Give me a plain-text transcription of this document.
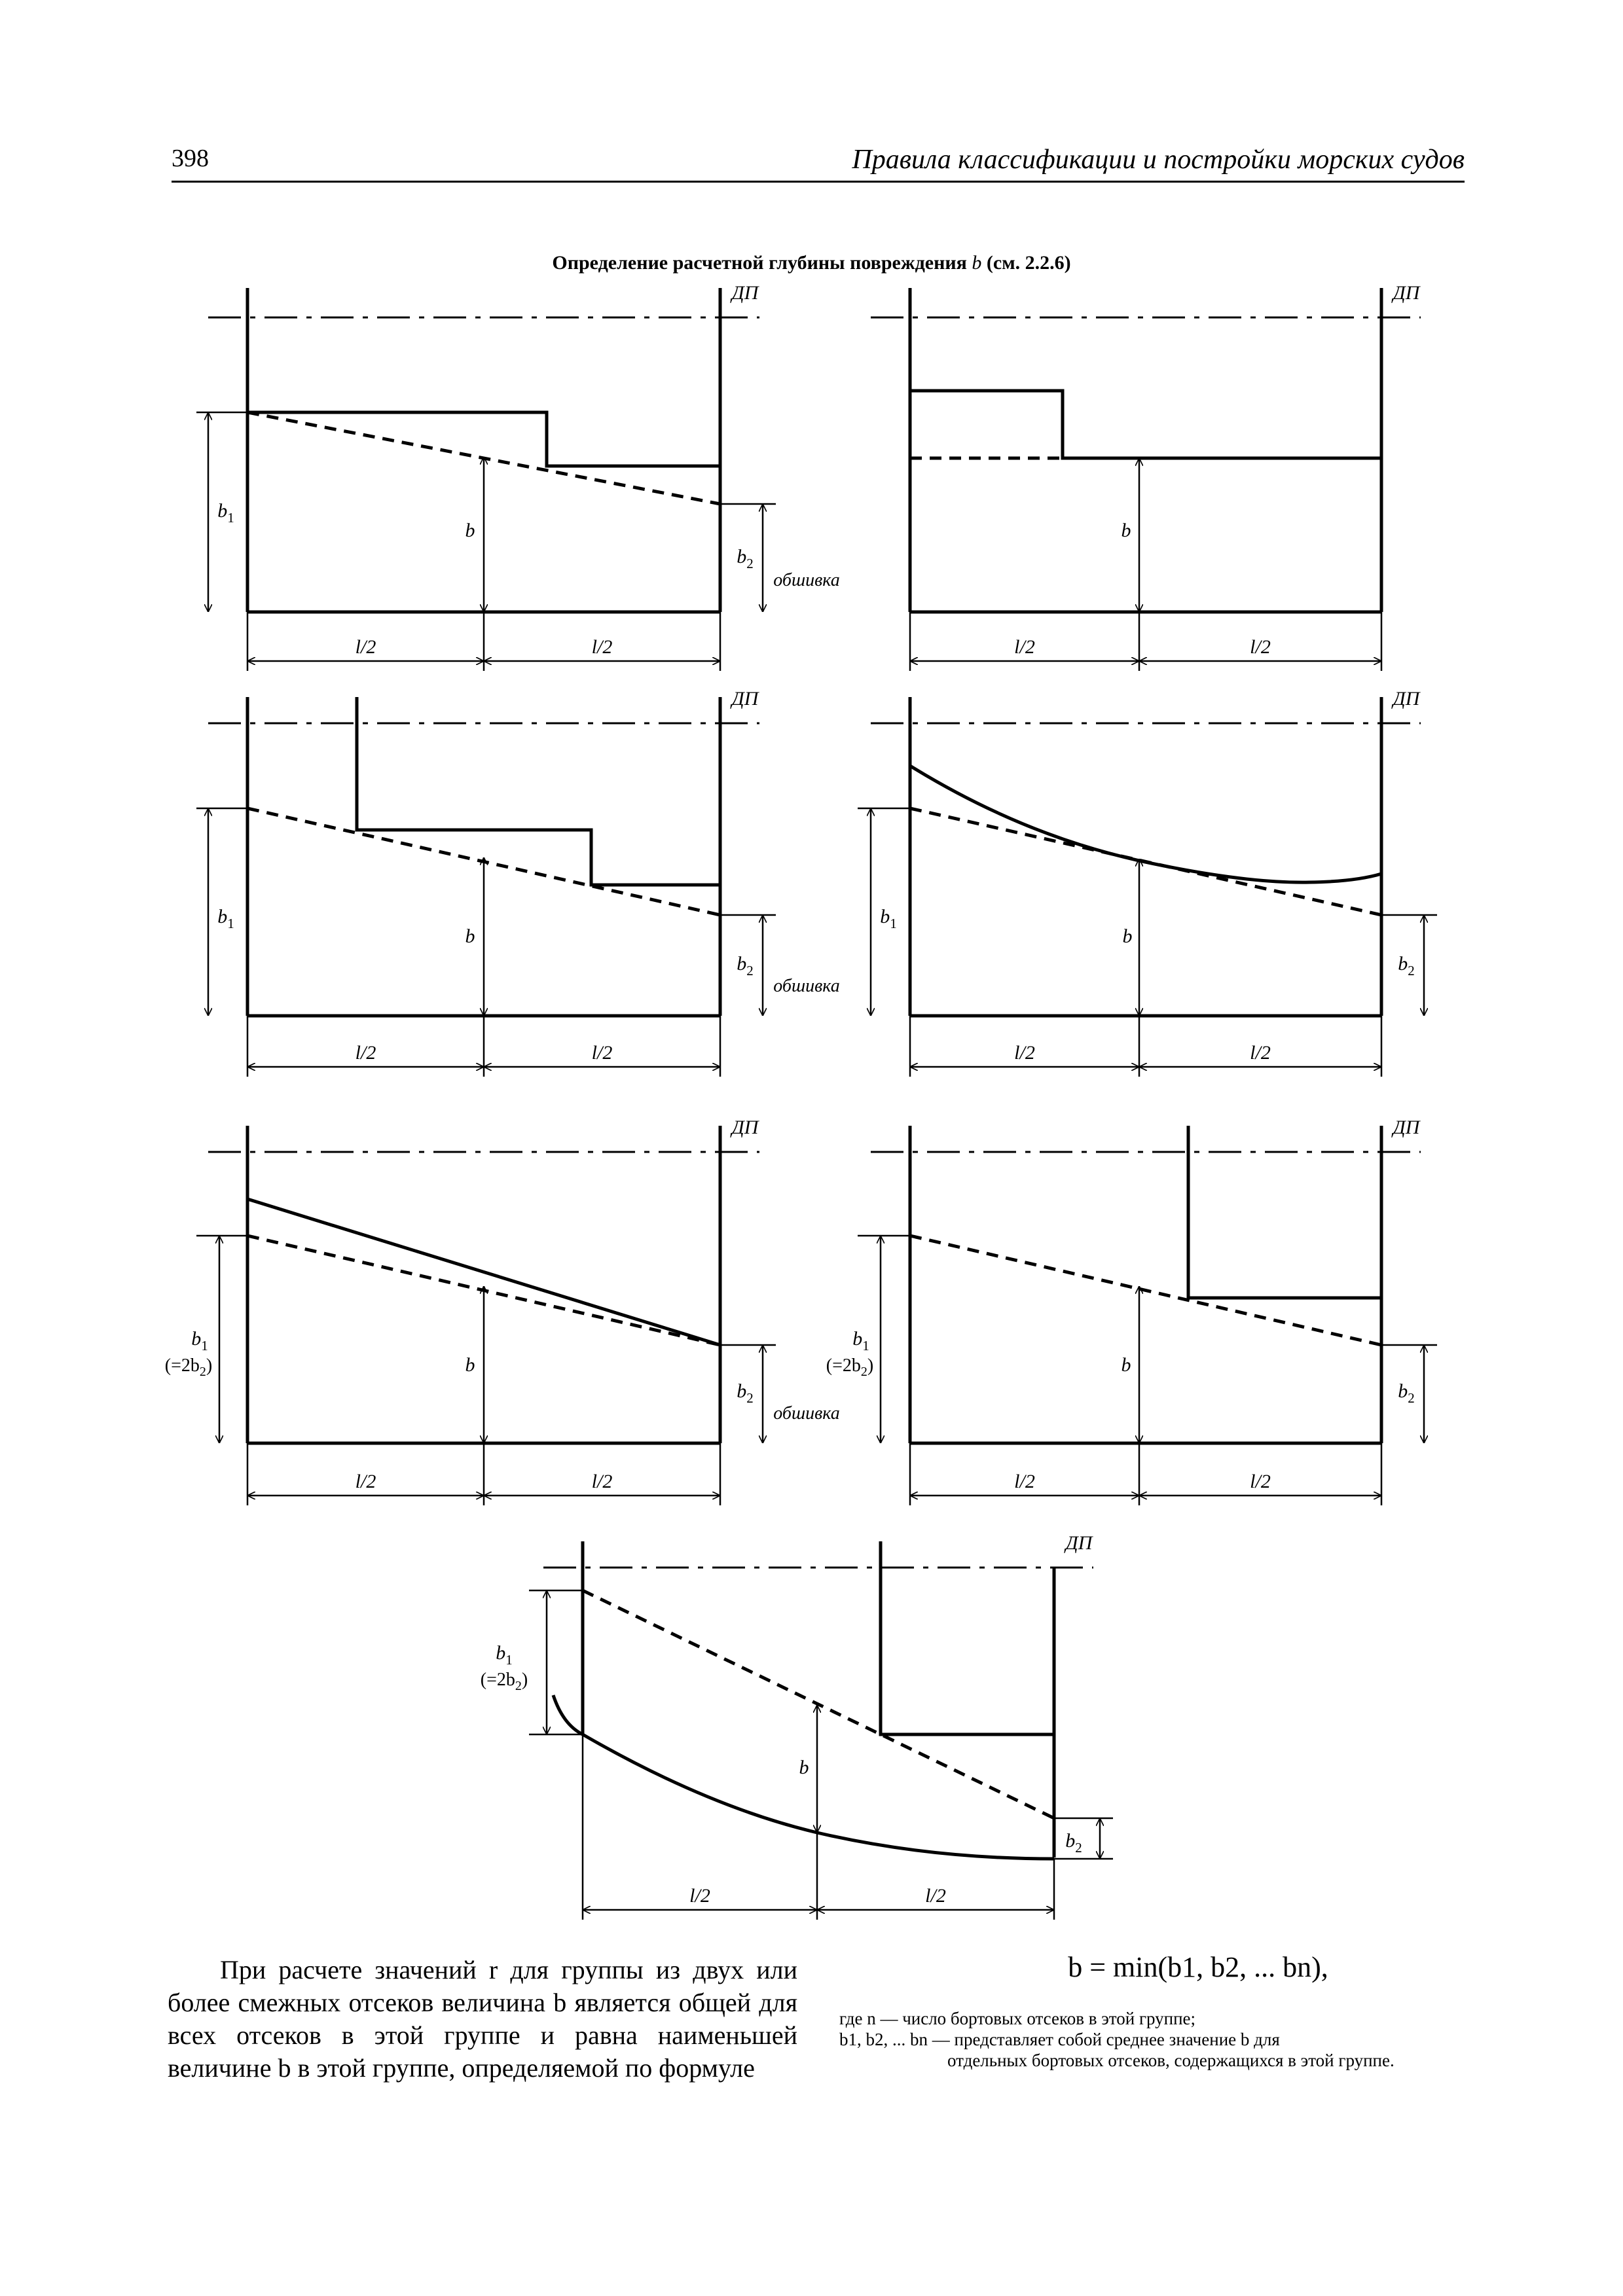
398	Правила классификации и постройки морских судов
Определение расчетной глубины повреждения b (см. 2.2.6)
ДП
l/2	l/2
$b_1$
b
$b_2$
обшивка
ДП
l/2	l/2
b
ДП
l/2	l/2
$b_1$
b
$b_2$
обшивка
ДП
l/2	l/2
$b_1$
b
$b_2$
ДП
l/2	l/2
$b_1$
$(=2b_2)$	b
$b_2$
обшивка
ДП
l/2	l/2
$b_1$
$(=2b_2)$	b
$b_2$
ДП
$b_1$
$(=2b_2)$
b
$b_2$
l/2	l/2
При расчете значений r для группы из двух или более смежных отсеков величина b является общей для всех отсеков в этой группе и равна наименьшей величине b в этой группе, определяемой по формуле
b = min(b1, b2, ... bn),
где n — число бортовых отсеков в этой группе;
b1, b2, ... bn — представляет собой среднее значение b для
отдельных бортовых отсеков, содержащихся в этой группе.
